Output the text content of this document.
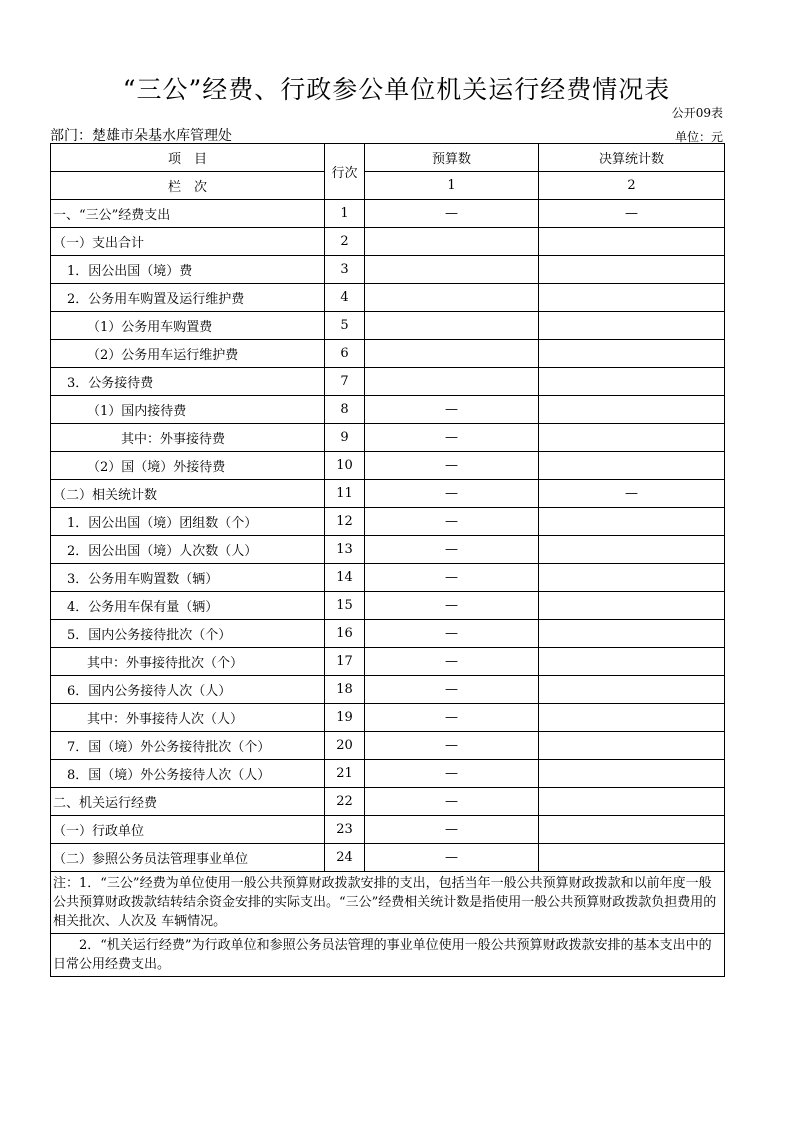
“三公”经费、行政参公单位机关运行经费情况表
公开09表
部门：楚雄市朵基水库管理处	单位：元
项　目	行次	预算数	决算统计数
栏　次		1	2
一、“三公”经费支出	1	—	—
（一）支出合计	2		
1．因公出国（境）费	3		
2．公务用车购置及运行维护费	4		
（1）公务用车购置费	5		
（2）公务用车运行维护费	6		
3．公务接待费	7		
（1）国内接待费	8	—	
其中：外事接待费	9	—	
（2）国（境）外接待费	10	—	
（二）相关统计数	11	—	—
1．因公出国（境）团组数（个）	12	—	
2．因公出国（境）人次数（人）	13	—	
3．公务用车购置数（辆）	14	—	
4．公务用车保有量（辆）	15	—	
5．国内公务接待批次（个）	16	—	
其中：外事接待批次（个）	17	—	
6．国内公务接待人次（人）	18	—	
其中：外事接待人次（人）	19	—	
7．国（境）外公务接待批次（个）	20	—	
8．国（境）外公务接待人次（人）	21	—	
二、机关运行经费	22	—	
（一）行政单位	23	—	
（二）参照公务员法管理事业单位	24	—	
注：1．“三公”经费为单位使用一般公共预算财政拨款安排的支出，包括当年一般公共预算财政拨款和以前年度一般公共预算财政拨款结转结余资金安排的实际支出。“三公”经费相关统计数是指使用一般公共预算财政拨款负担费用的相关批次、人次及 车辆情况。			
　　2．“机关运行经费”为行政单位和参照公务员法管理的事业单位使用一般公共预算财政拨款安排的基本支出中的日常公用经费支出。			
